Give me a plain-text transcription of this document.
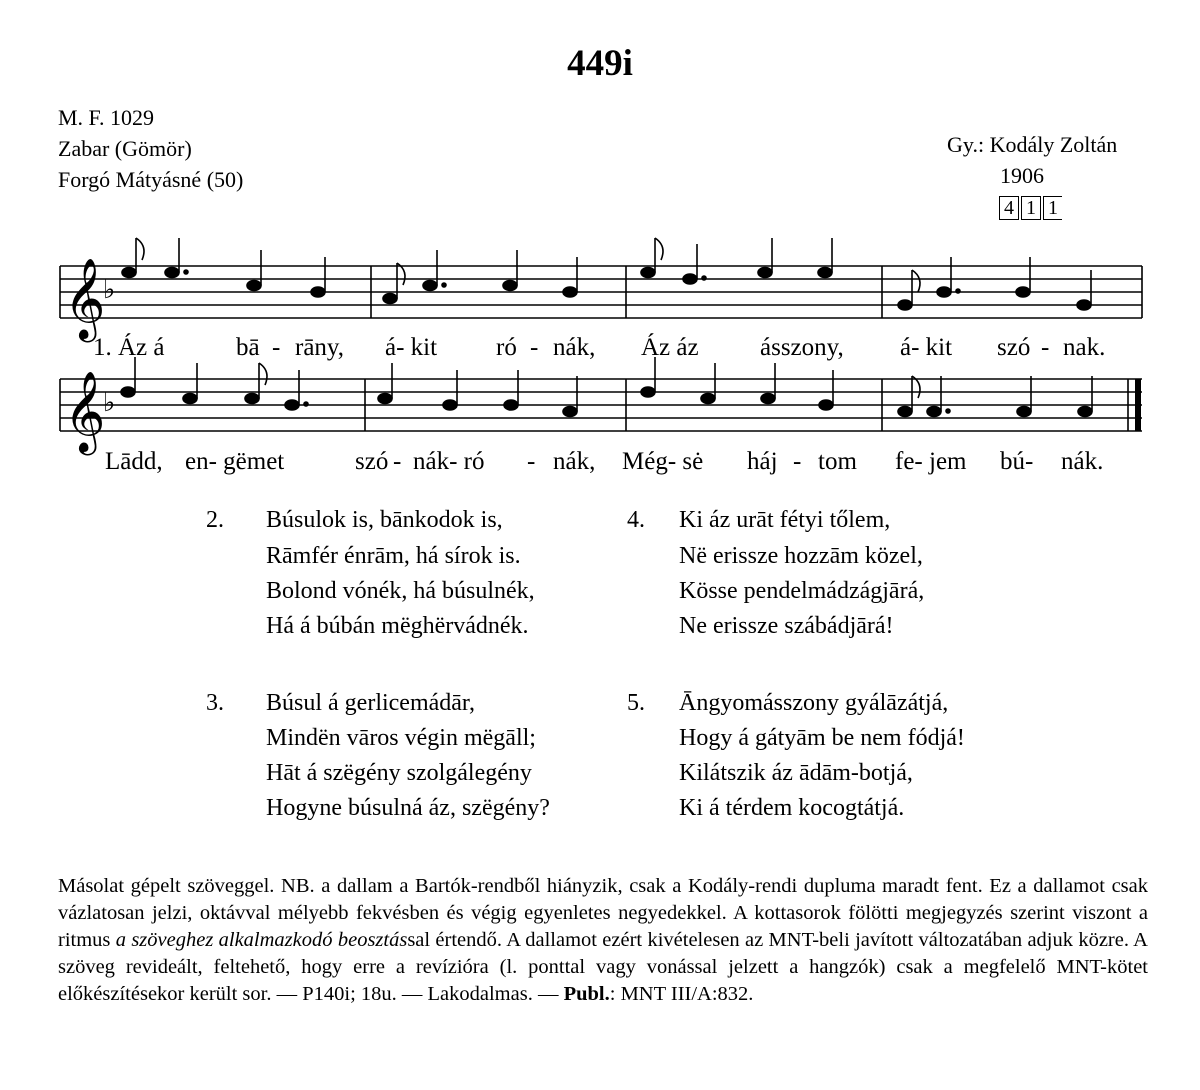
449i
M. F. 1029
Zabar (Gömör)
Forgó Mátyásné (50)
Gy.: Kodály Zoltán
1906
4 1 1
𝄞
♭
1. Áz á	bā - rāny, á- kit ró - nák, Áz áz ásszony, á- kit szó - nak.
𝄞
♭
Lādd, en- gëmet	szó - nák- ró - nák, Még- sė háj - tom fe- jem bú- nák.
2. Búsulok is, bānkodok is,
Rāmfér énrām, há sírok is.
Bolond vónék, há búsulnék,
Há á búbán mëghërvádnék.
4. Ki áz urāt fétyi tőlem,
Në erissze hozzām közel,
Kösse pendelmádzágjārá,
Ne erissze szábádjārá!
3. Búsul á gerlicemádār,
Mindën vāros végin mëgāll;
Hāt á szëgény szolgálegény
Hogyne búsulná áz, szëgény?
5. Āngyomásszony gyálāzátjá,
Hogy á gátyām be nem fódjá!
Kilátszik áz ādām-botjá,
Ki á térdem kocogtátjá.

Másolat gépelt szöveggel. NB. a dallam a Bartók-rendből hiányzik, csak a Kodály-rendi dupluma maradt fent. Ez a dallamot csak vázlatosan jelzi, oktávval mélyebb fekvésben és végig egyenletes negyedekkel. A kottasorok fölötti megjegyzés szerint viszont a ritmus a szöveghez alkalmazkodó beosztással értendő. A dallamot ezért kivételesen az MNT-beli javított változatában adjuk közre. A szöveg revideált, feltehető, hogy erre a revízióra (l. ponttal vagy vonással jelzett a hangzók) csak a megfelelő MNT-kötet előkészítésekor került sor. — P140i; 18u. — Lakodalmas. — Publ.: MNT III/A:832.
